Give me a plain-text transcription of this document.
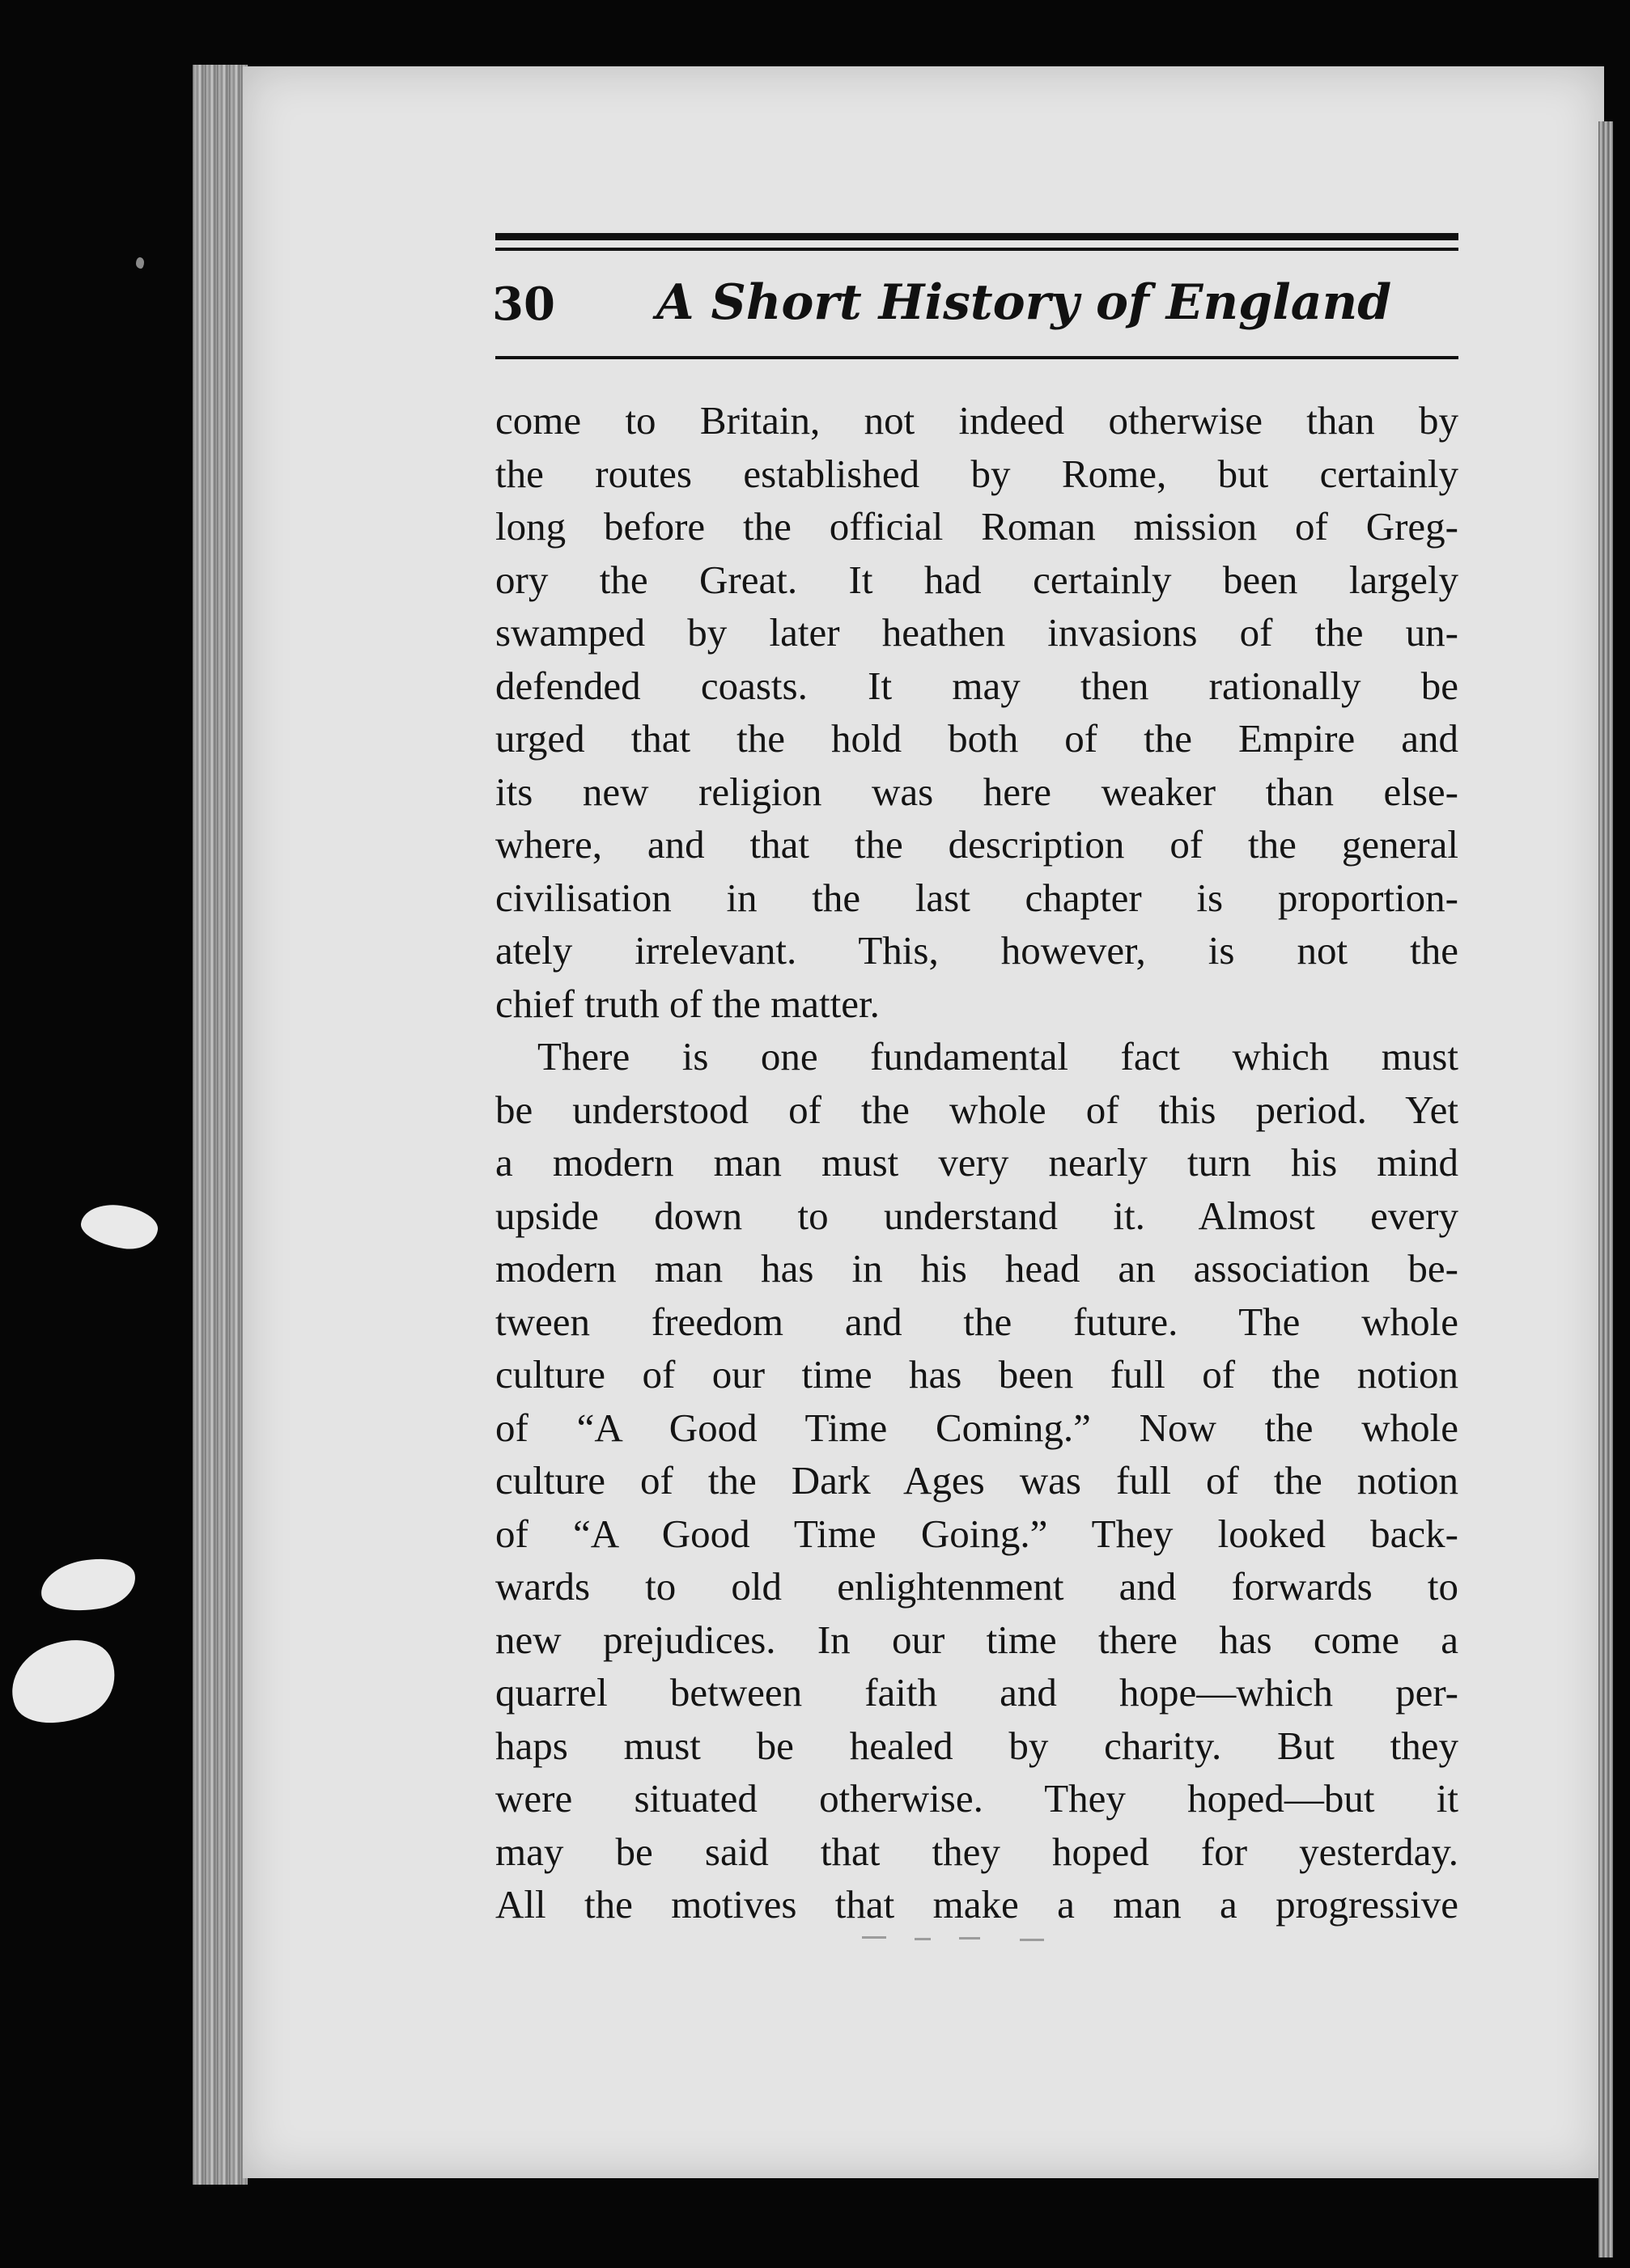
30 A Short History of England
come to Britain, not indeed otherwise than by
the routes established by Rome, but certainly
long before the official Roman mission of Greg-
ory the Great. It had certainly been largely
swamped by later heathen invasions of the un-
defended coasts. It may then rationally be
urged that the hold both of the Empire and
its new religion was here weaker than else-
where, and that the description of the general
civilisation in the last chapter is proportion-
ately irrelevant. This, however, is not the
chief truth of the matter.
There is one fundamental fact which must
be understood of the whole of this period. Yet
a modern man must very nearly turn his mind
upside down to understand it. Almost every
modern man has in his head an association be-
tween freedom and the future. The whole
culture of our time has been full of the notion
of “A Good Time Coming.” Now the whole
culture of the Dark Ages was full of the notion
of “A Good Time Going.” They looked back-
wards to old enlightenment and forwards to
new prejudices. In our time there has come a
quarrel between faith and hope—which per-
haps must be healed by charity. But they
were situated otherwise. They hoped—but it
may be said that they hoped for yesterday.
All the motives that make a man a progressive
